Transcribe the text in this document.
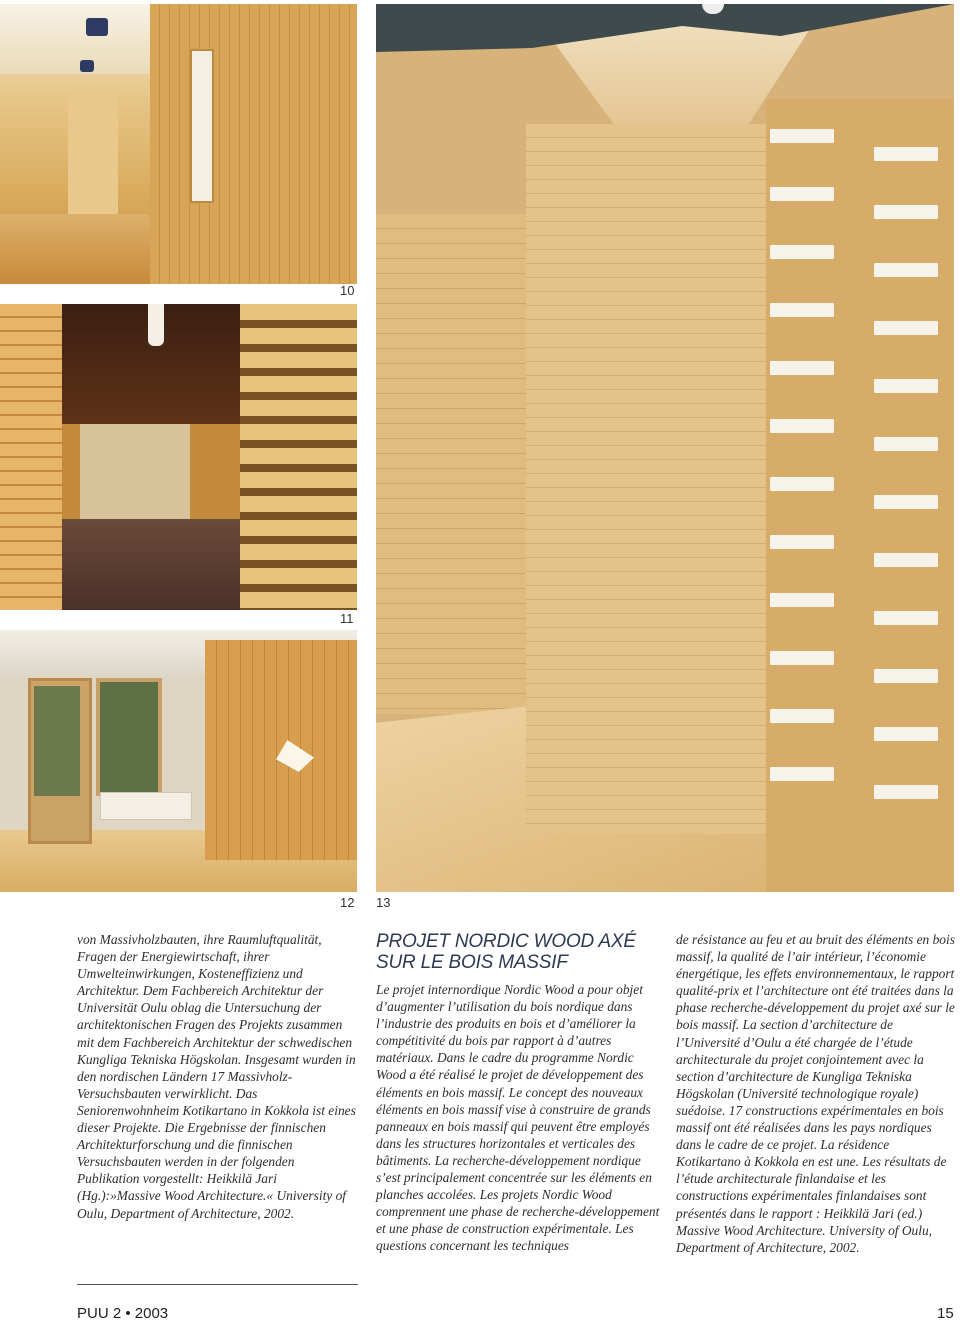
10
11
12 13

von Massivholzbauten, ihre Raumluftqualität, Fragen der Energiewirtschaft, ihrer Umwelteinwirkungen, Kosteneffizienz und Architektur. Dem Fachbereich Architektur der Universität Oulu oblag die Untersuchung der architektonischen Fragen des Projekts zusammen mit dem Fachbereich Architektur der schwedischen Kungliga Tekniska Högskolan. Insgesamt wurden in den nordischen Ländern 17 Massivholz-Versuchsbauten verwirklicht. Das Seniorenwohnheim Kotikartano in Kokkola ist eines dieser Projekte. Die Ergebnisse der finnischen Architekturforschung und die finnischen Versuchsbauten werden in der folgenden Publikation vorgestellt: Heikkilä Jari (Hg.):»Massive Wood Architecture.« University of Oulu, Department of Architecture, 2002.

PROJET NORDIC WOOD AXÉ
SUR LE BOIS MASSIF

Le projet internordique Nordic Wood a pour objet d’augmenter l’utilisation du bois nordique dans l’industrie des produits en bois et d’améliorer la compétitivité du bois par rapport à d’autres matériaux. Dans le cadre du programme Nordic Wood a été réalisé le projet de développement des éléments en bois massif. Le concept des nouveaux éléments en bois massif vise à construire de grands panneaux en bois massif qui peuvent être employés dans les structures horizontales et verticales des bâtiments. La recherche-développement nordique s’est principalement concentrée sur les éléments en planches accolées. Les projets Nordic Wood comprennent une phase de recherche-développement et une phase de construction expérimentale. Les questions concernant les techniques

de résistance au feu et au bruit des éléments en bois massif, la qualité de l’air intérieur, l’économie énergétique, les effets environnementaux, le rapport qualité-prix et l’architecture ont été traitées dans la phase recherche-développement du projet axé sur le bois massif. La section d’architecture de l’Université d’Oulu a été chargée de l’étude architecturale du projet conjointement avec la section d’architecture de Kungliga Tekniska Högskolan (Université technologique royale) suédoise. 17 constructions expérimentales en bois massif ont été réalisées dans les pays nordiques dans le cadre de ce projet. La résidence Kotikartano à Kokkola en est une. Les résultats de l’étude architecturale finlandaise et les constructions expérimentales finlandaises sont présentés dans le rapport : Heikkilä Jari (ed.) Massive Wood Architecture. University of Oulu, Department of Architecture, 2002.

PUU 2 • 2003	15
